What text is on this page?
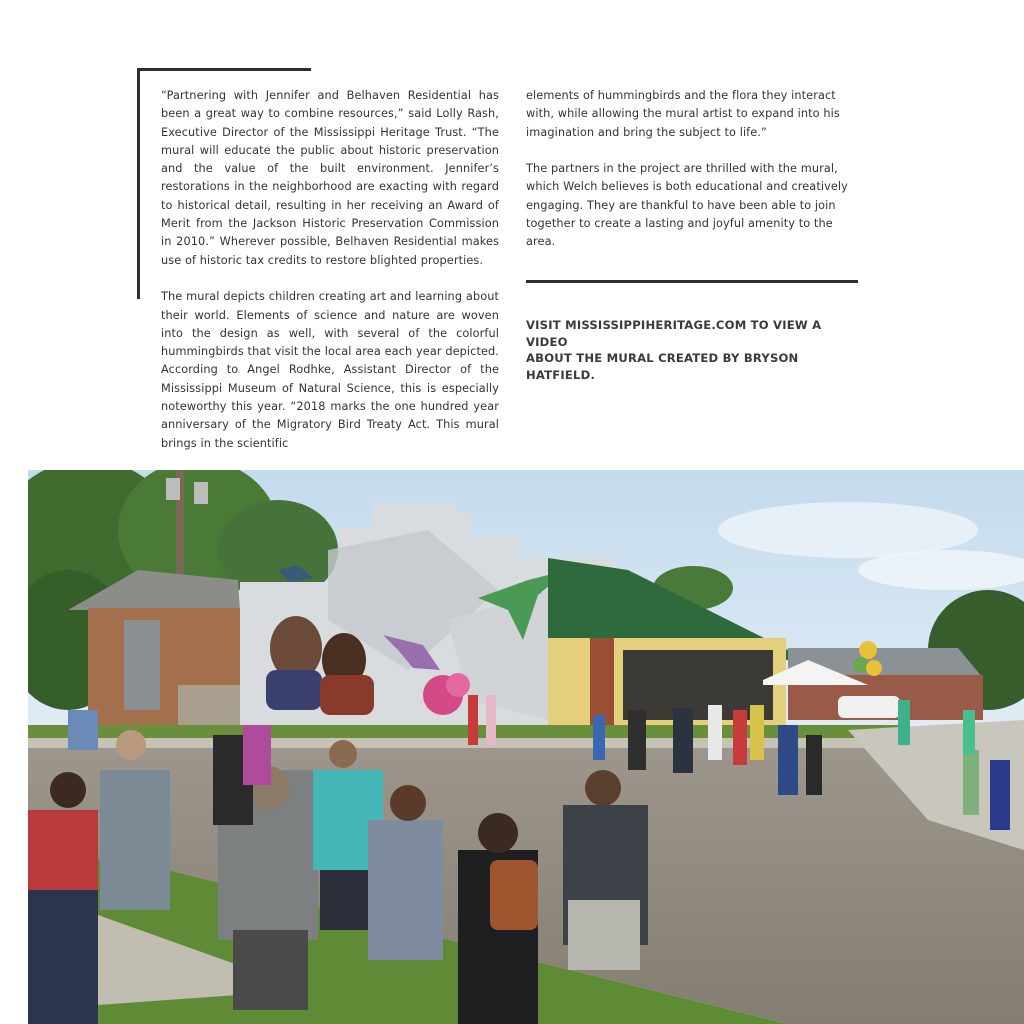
“Partnering with Jennifer and Belhaven Residential has been a great way to combine resources,” said Lolly Rash, Executive Director of the Mississippi Heritage Trust. “The mural will educate the public about historic preservation and the value of the built environment. Jennifer’s restorations in the neighborhood are exacting with regard to historical detail, resulting in her receiving an Award of Merit from the Jackson Historic Preservation Commission in 2010.” Wherever possible, Belhaven Residential makes use of historic tax credits to restore blighted properties.

The mural depicts children creating art and learning about their world. Elements of science and nature are woven into the design as well, with several of the colorful hummingbirds that visit the local area each year depicted. According to Angel Rodhke, Assistant Director of the Mississippi Museum of Natural Science, this is especially noteworthy this year. “2018 marks the one hundred year anniversary of the Migratory Bird Treaty Act. This mural brings in the scientific

elements of hummingbirds and the flora they interact with, while allowing the mural artist to expand into his imagination and bring the subject to life.”

The partners in the project are thrilled with the mural, which Welch believes is both educational and creatively engaging. They are thankful to have been able to join together to create a lasting and joyful amenity to the area.

VISIT MISSISSIPPIHERITAGE.COM TO VIEW A VIDEO
ABOUT THE MURAL CREATED BY BRYSON HATFIELD.
